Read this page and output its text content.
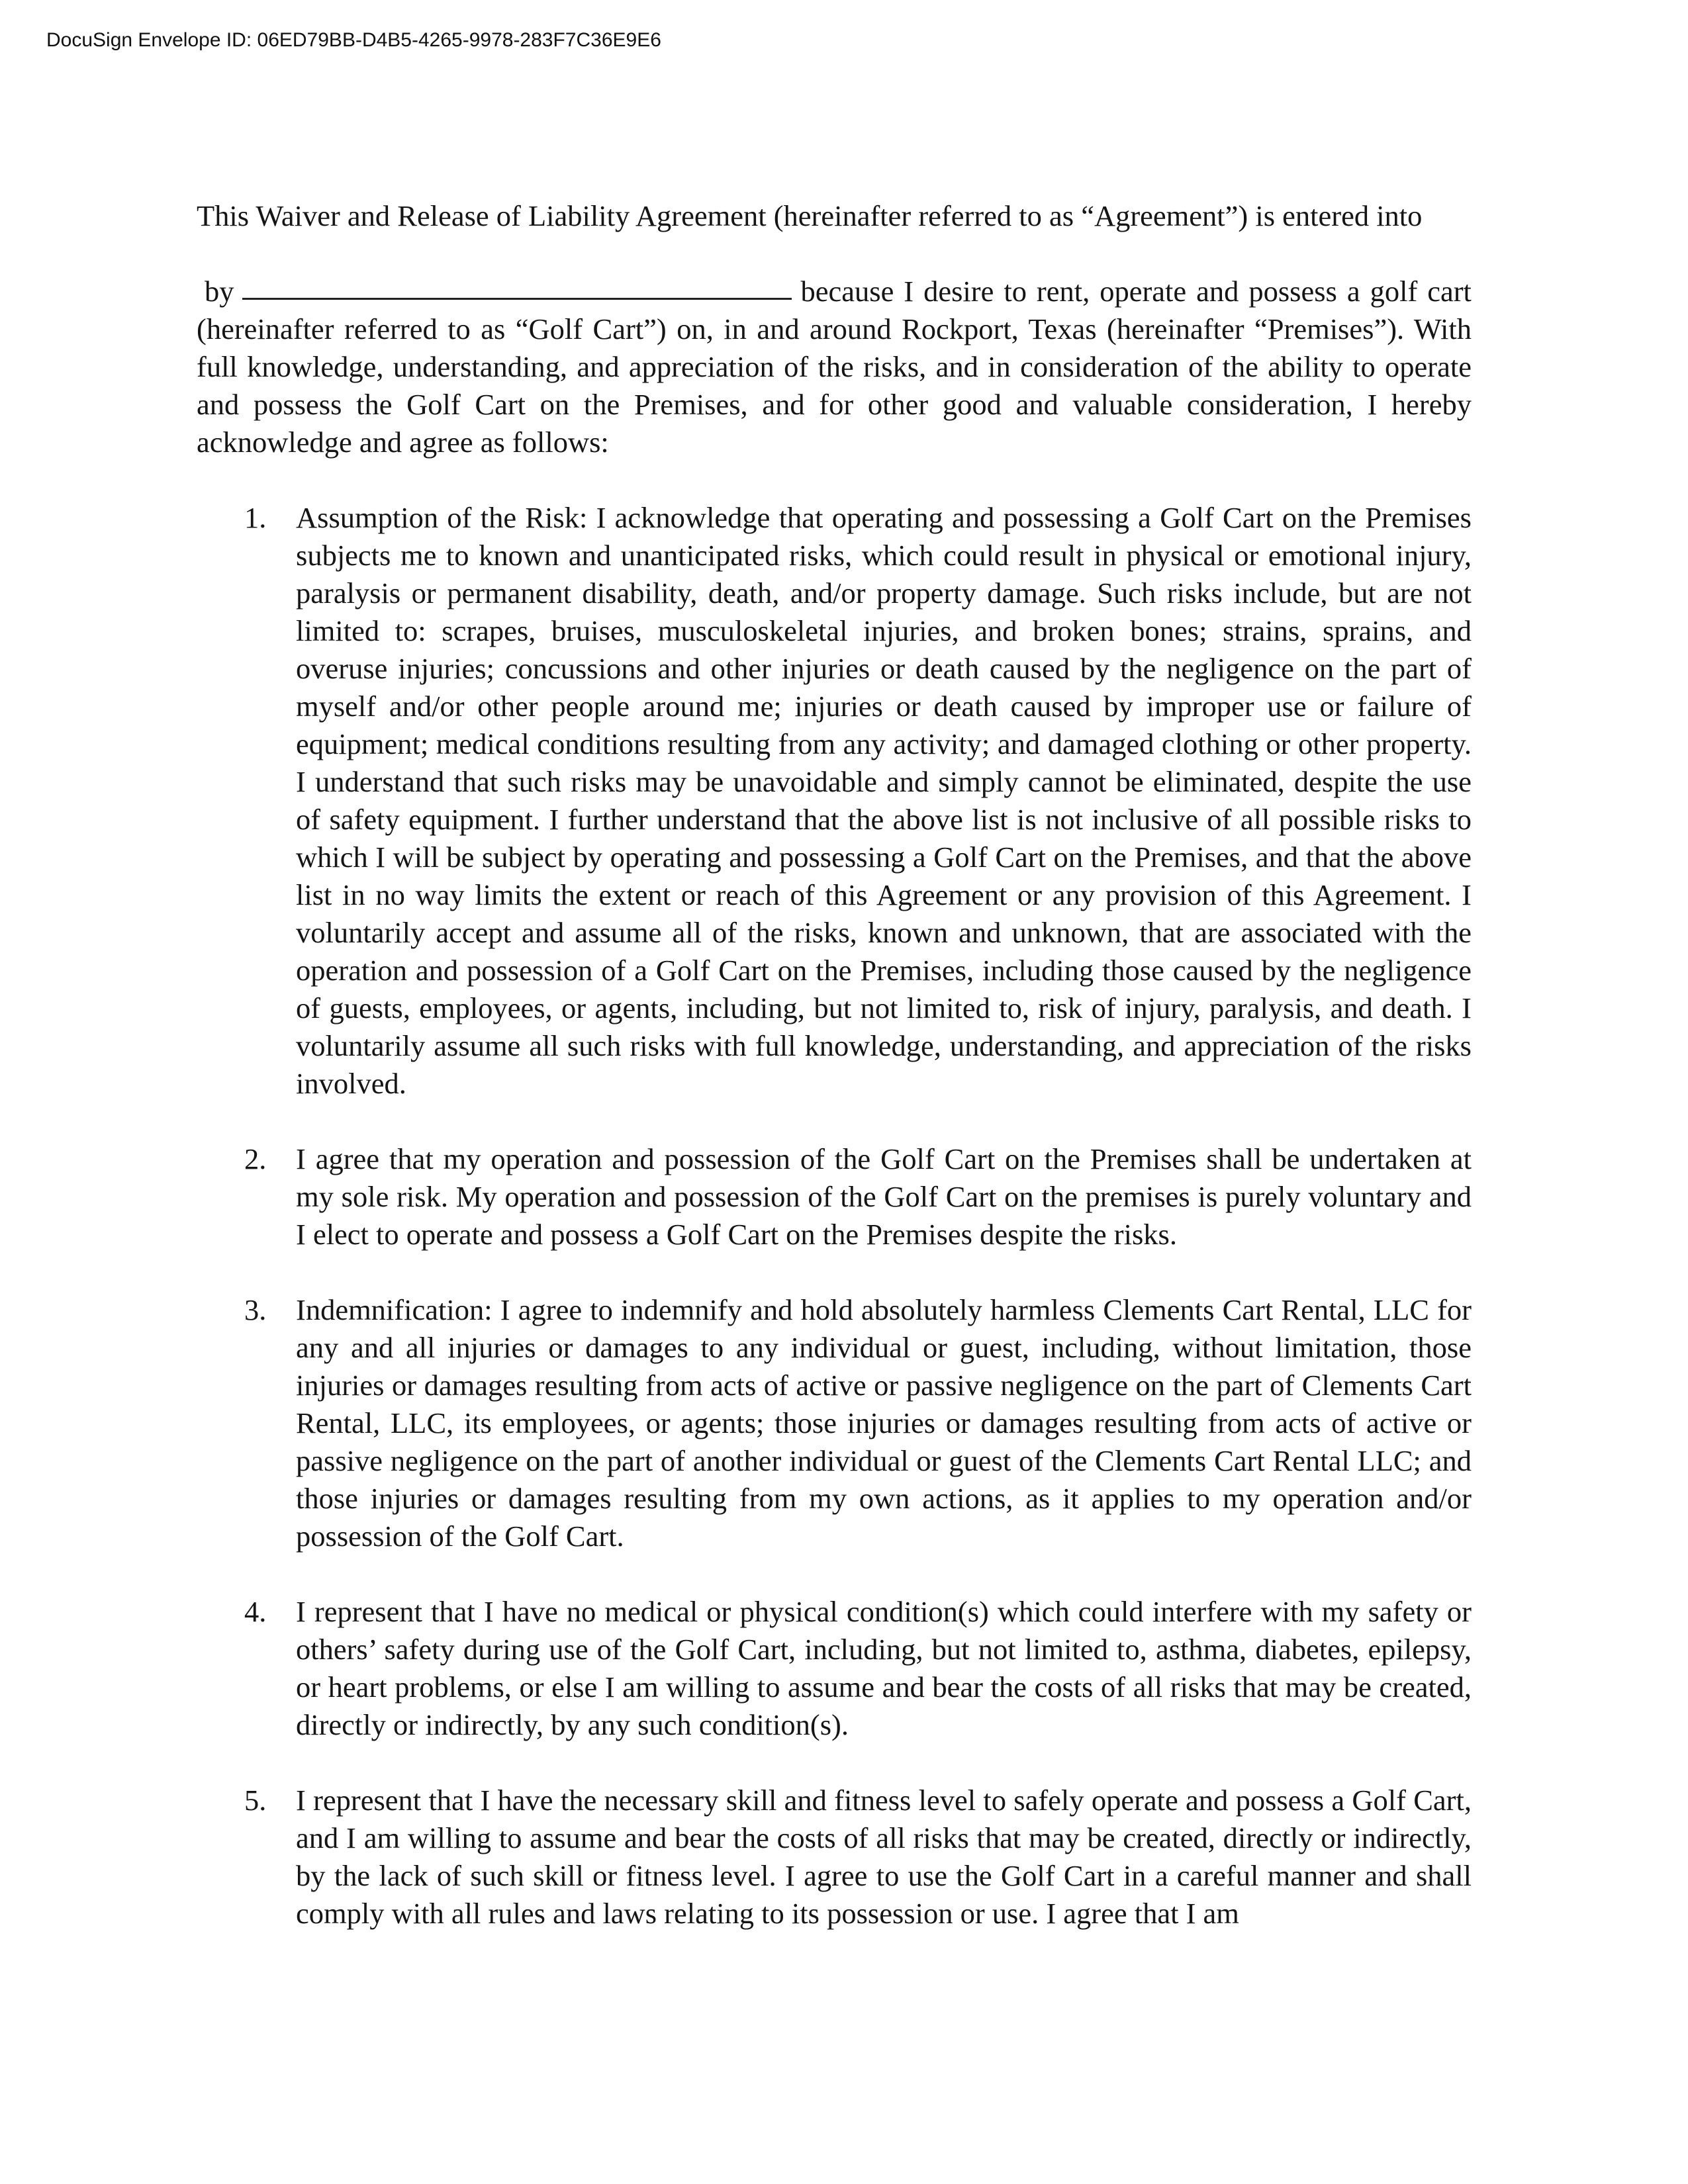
DocuSign Envelope ID: 06ED79BB-D4B5-4265-9978-283F7C36E9E6

This Waiver and Release of Liability Agreement (hereinafter referred to as “Agreement”) is entered into

by	because I desire to rent, operate and possess a golf cart
(hereinafter referred to as “Golf Cart”) on, in and around Rockport, Texas (hereinafter “Premises”). With full knowledge, understanding, and appreciation of the risks, and in consideration of the ability to operate and possess the Golf Cart on the Premises, and for other good and valuable consideration, I hereby acknowledge and agree as follows:
1. Assumption of the Risk: I acknowledge that operating and possessing a Golf Cart on the Premises subjects me to known and unanticipated risks, which could result in physical or emotional injury, paralysis or permanent disability, death, and/or property damage. Such risks include, but are not limited to: scrapes, bruises, musculoskeletal injuries, and broken bones; strains, sprains, and overuse injuries; concussions and other injuries or death caused by the negligence on the part of myself and/or other people around me; injuries or death caused by improper use or failure of equipment; medical conditions resulting from any activity; and damaged clothing or other property. I understand that such risks may be unavoidable and simply cannot be eliminated, despite the use of safety equipment. I further understand that the above list is not inclusive of all possible risks to which I will be subject by operating and possessing a Golf Cart on the Premises, and that the above list in no way limits the extent or reach of this Agreement or any provision of this Agreement. I voluntarily accept and assume all of the risks, known and unknown, that are associated with the operation and possession of a Golf Cart on the Premises, including those caused by the negligence of guests, employees, or agents, including, but not limited to, risk of injury, paralysis, and death. I voluntarily assume all such risks with full knowledge, understanding, and appreciation of the risks involved.
2. I agree that my operation and possession of the Golf Cart on the Premises shall be undertaken at my sole risk. My operation and possession of the Golf Cart on the premises is purely voluntary and I elect to operate and possess a Golf Cart on the Premises despite the risks.
3. Indemnification: I agree to indemnify and hold absolutely harmless Clements Cart Rental, LLC for any and all injuries or damages to any individual or guest, including, without limitation, those injuries or damages resulting from acts of active or passive negligence on the part of Clements Cart Rental, LLC, its employees, or agents; those injuries or damages resulting from acts of active or passive negligence on the part of another individual or guest of the Clements Cart Rental LLC; and those injuries or damages resulting from my own actions, as it applies to my operation and/or possession of the Golf Cart.
4. I represent that I have no medical or physical condition(s) which could interfere with my safety or others’ safety during use of the Golf Cart, including, but not limited to, asthma, diabetes, epilepsy, or heart problems, or else I am willing to assume and bear the costs of all risks that may be created, directly or indirectly, by any such condition(s).
5. I represent that I have the necessary skill and fitness level to safely operate and possess a Golf Cart, and I am willing to assume and bear the costs of all risks that may be created, directly or indirectly, by the lack of such skill or fitness level. I agree to use the Golf Cart in a careful manner and shall comply with all rules and laws relating to its possession or use. I agree that I am
